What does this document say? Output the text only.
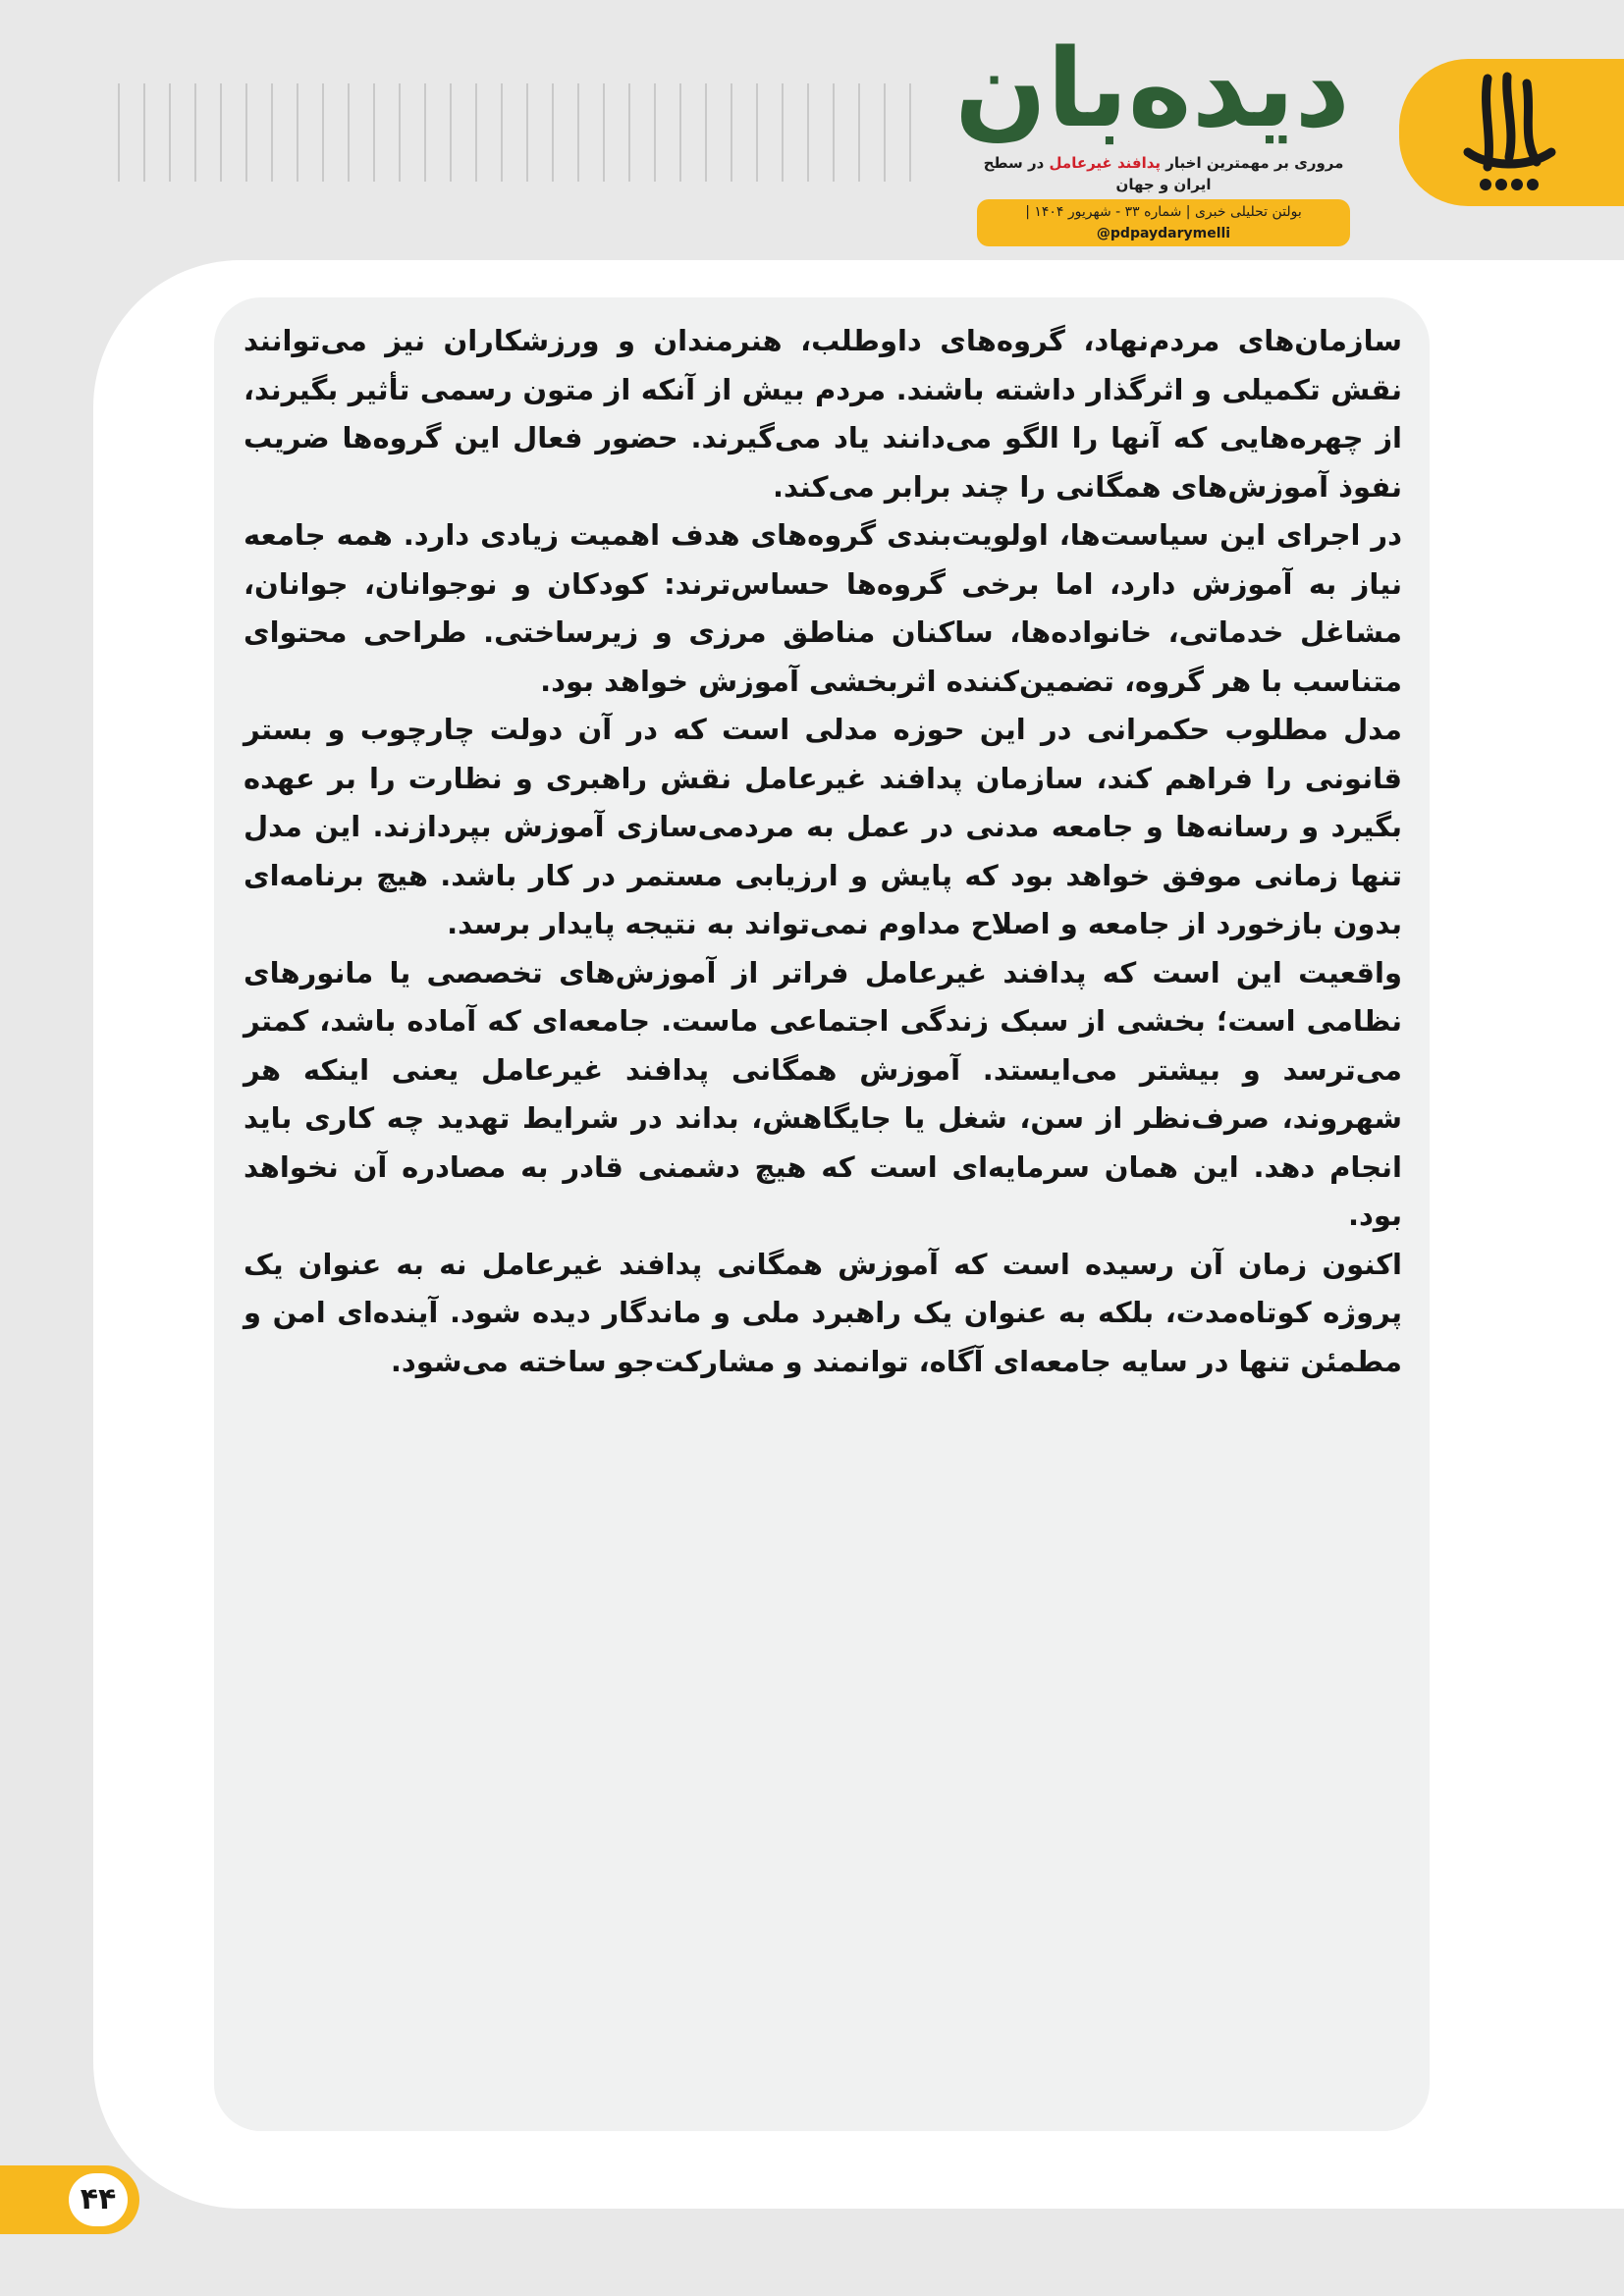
دیده‌بان
مروری بر مهمترین اخبار پدافند غیرعامل در سطح ایران و جهان
بولتن تحلیلی خبری | شماره ۳۳ - شهریور ۱۴۰۴ | @pdpaydarymelli

سازمان‌های مردم‌نهاد، گروه‌های داوطلب، هنرمندان و ورزشکاران نیز می‌توانند نقش تکمیلی و اثرگذار داشته باشند. مردم بیش از آنکه از متون رسمی تأثیر بگیرند، از چهره‌هایی که آنها را الگو می‌دانند یاد می‌گیرند. حضور فعال این گروه‌ها ضریب نفوذ آموزش‌های همگانی را چند برابر می‌کند.

در اجرای این سیاست‌ها، اولویت‌بندی گروه‌های هدف اهمیت زیادی دارد. همه جامعه نیاز به آموزش دارد، اما برخی گروه‌ها حساس‌ترند: کودکان و نوجوانان، جوانان، مشاغل خدماتی، خانواده‌ها، ساکنان مناطق مرزی و زیرساختی. طراحی محتوای متناسب با هر گروه، تضمین‌کننده اثربخشی آموزش خواهد بود.

مدل مطلوب حکمرانی در این حوزه مدلی است که در آن دولت چارچوب و بستر قانونی را فراهم کند، سازمان پدافند غیرعامل نقش راهبری و نظارت را بر عهده بگیرد و رسانه‌ها و جامعه مدنی در عمل به مردمی‌سازی آموزش بپردازند. این مدل تنها زمانی موفق خواهد بود که پایش و ارزیابی مستمر در کار باشد. هیچ برنامه‌ای بدون بازخورد از جامعه و اصلاح مداوم نمی‌تواند به نتیجه پایدار برسد.

واقعیت این است که پدافند غیرعامل فراتر از آموزش‌های تخصصی یا مانورهای نظامی است؛ بخشی از سبک زندگی اجتماعی ماست. جامعه‌ای که آماده باشد، کمتر می‌ترسد و بیشتر می‌ایستد. آموزش همگانی پدافند غیرعامل یعنی اینکه هر شهروند، صرف‌نظر از سن، شغل یا جایگاهش، بداند در شرایط تهدید چه کاری باید انجام دهد. این همان سرمایه‌ای است که هیچ دشمنی قادر به مصادره آن نخواهد بود.

اکنون زمان آن رسیده است که آموزش همگانی پدافند غیرعامل نه به عنوان یک پروژه کوتاه‌مدت، بلکه به عنوان یک راهبرد ملی و ماندگار دیده شود. آینده‌ای امن و مطمئن تنها در سایه جامعه‌ای آگاه، توانمند و مشارکت‌جو ساخته می‌شود.

۴۴
